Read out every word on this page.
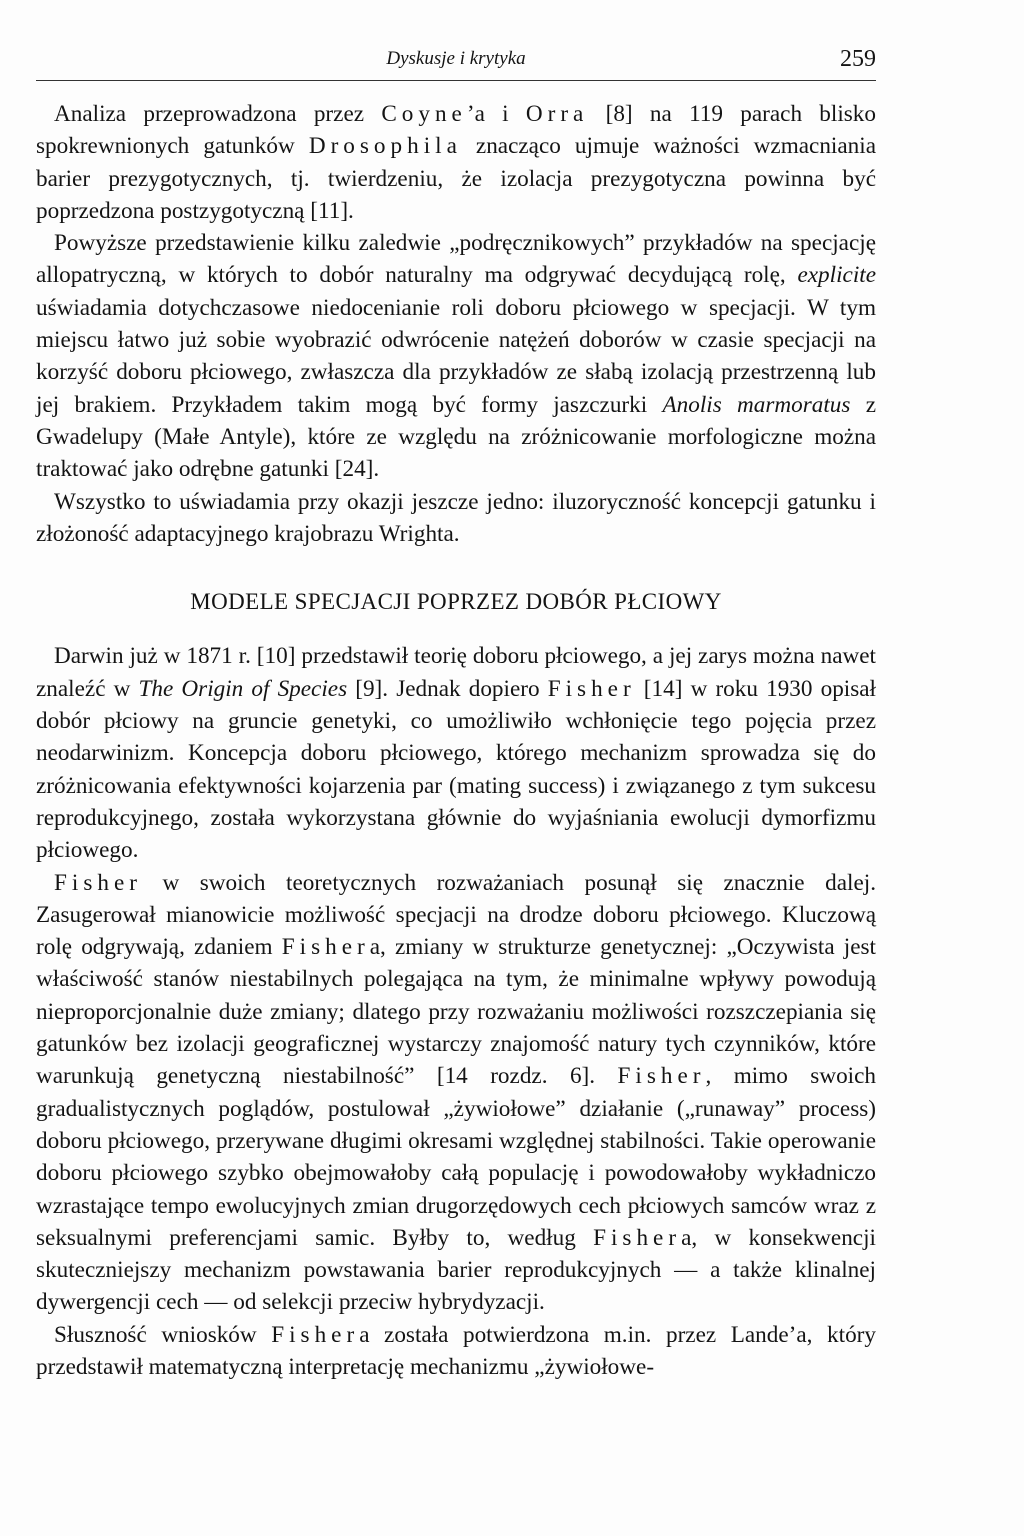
Dyskusje i krytyka	259

Analiza przeprowadzona przez Coyne’a i Orra [8] na 119 parach blisko spokrewnionych gatunków Drosophila znacząco ujmuje ważności wzmacniania barier prezygotycznych, tj. twierdzeniu, że izolacja prezygotyczna powinna być poprzedzona postzygotyczną [11].

Powyższe przedstawienie kilku zaledwie „podręcznikowych” przykładów na specjację allopatryczną, w których to dobór naturalny ma odgrywać decydującą rolę, explicite uświadamia dotychczasowe niedocenianie roli doboru płciowego w specjacji. W tym miejscu łatwo już sobie wyobrazić odwrócenie natężeń doborów w czasie specjacji na korzyść doboru płciowego, zwłaszcza dla przykładów ze słabą izolacją przestrzenną lub jej brakiem. Przykładem takim mogą być formy jaszczurki Anolis marmoratus z Gwadelupy (Małe Antyle), które ze względu na zróżnicowanie morfologiczne można traktować jako odrębne gatunki [24].

Wszystko to uświadamia przy okazji jeszcze jedno: iluzoryczność koncepcji gatunku i złożoność adaptacyjnego krajobrazu Wrighta.

MODELE SPECJACJI POPRZEZ DOBÓR PŁCIOWY

Darwin już w 1871 r. [10] przedstawił teorię doboru płciowego, a jej zarys można nawet znaleźć w The Origin of Species [9]. Jednak dopiero Fisher [14] w roku 1930 opisał dobór płciowy na gruncie genetyki, co umożliwiło wchłonięcie tego pojęcia przez neodarwinizm. Koncepcja doboru płciowego, którego mechanizm sprowadza się do zróżnicowania efektywności kojarzenia par (mating success) i związanego z tym sukcesu reprodukcyjnego, została wykorzystana głównie do wyjaśniania ewolucji dymorfizmu płciowego.

Fisher w swoich teoretycznych rozważaniach posunął się znacznie dalej. Zasugerował mianowicie możliwość specjacji na drodze doboru płciowego. Kluczową rolę odgrywają, zdaniem Fishera, zmiany w strukturze genetycznej: „Oczywista jest właściwość stanów niestabilnych polegająca na tym, że minimalne wpływy powodują nieproporcjonalnie duże zmiany; dlatego przy rozważaniu możliwości rozszczepiania się gatunków bez izolacji geograficznej wystarczy znajomość natury tych czynników, które warunkują genetyczną niestabilność” [14 rozdz. 6]. Fisher, mimo swoich gradualistycznych poglądów, postulował „żywiołowe” działanie („runaway” process) doboru płciowego, przerywane długimi okresami względnej stabilności. Takie operowanie doboru płciowego szybko obejmowałoby całą populację i powodowałoby wykładniczo wzrastające tempo ewolucyjnych zmian drugorzędowych cech płciowych samców wraz z seksualnymi preferencjami samic. Byłby to, według Fishera, w konsekwencji skuteczniejszy mechanizm powstawania barier reprodukcyjnych — a także klinalnej dywergencji cech — od selekcji przeciw hybrydyzacji.

Słuszność wniosków Fishera została potwierdzona m.in. przez Lande’a, który przedstawił matematyczną interpretację mechanizmu „żywiołowe-
